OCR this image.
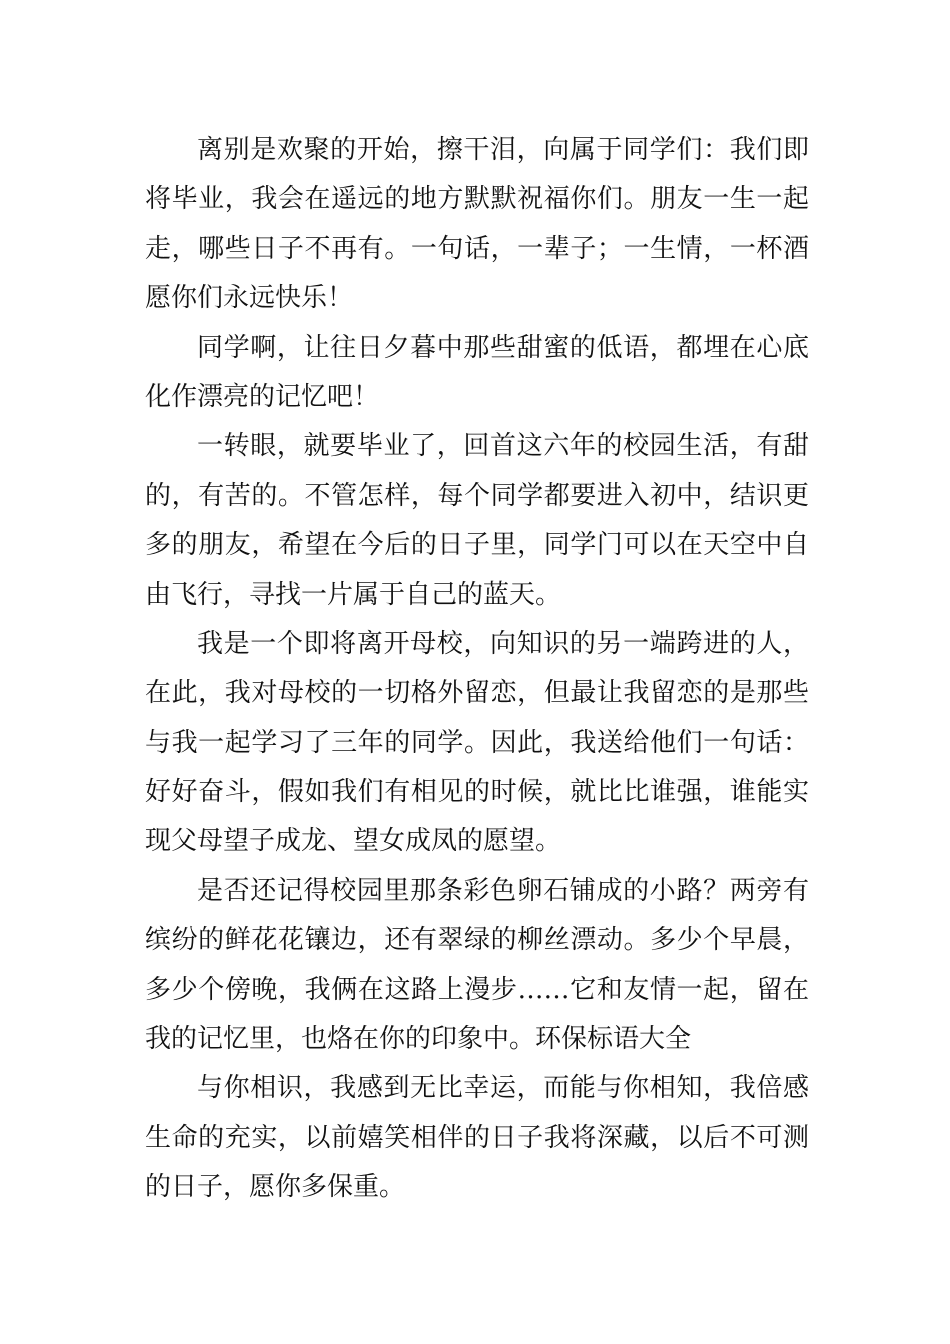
离别是欢聚的开始，擦干泪，向属于同学们：我们即
将毕业，我会在遥远的地方默默祝福你们。朋友一生一起
走，哪些日子不再有。一句话，一辈子；一生情，一杯酒
愿你们永远快乐！
同学啊，让往日夕暮中那些甜蜜的低语，都埋在心底
化作漂亮的记忆吧！
一转眼，就要毕业了，回首这六年的校园生活，有甜
的，有苦的。不管怎样，每个同学都要进入初中，结识更
多的朋友，希望在今后的日子里，同学门可以在天空中自
由飞行，寻找一片属于自己的蓝天。
我是一个即将离开母校，向知识的另一端跨进的人，
在此，我对母校的一切格外留恋，但最让我留恋的是那些
与我一起学习了三年的同学。因此，我送给他们一句话：
好好奋斗，假如我们有相见的时候，就比比谁强，谁能实
现父母望子成龙、望女成凤的愿望。
是否还记得校园里那条彩色卵石铺成的小路？两旁有
缤纷的鲜花花镶边，还有翠绿的柳丝漂动。多少个早晨，
多少个傍晚，我俩在这路上漫步……它和友情一起，留在
我的记忆里，也烙在你的印象中。环保标语大全
与你相识，我感到无比幸运，而能与你相知，我倍感
生命的充实，以前嬉笑相伴的日子我将深藏，以后不可测
的日子，愿你多保重。
